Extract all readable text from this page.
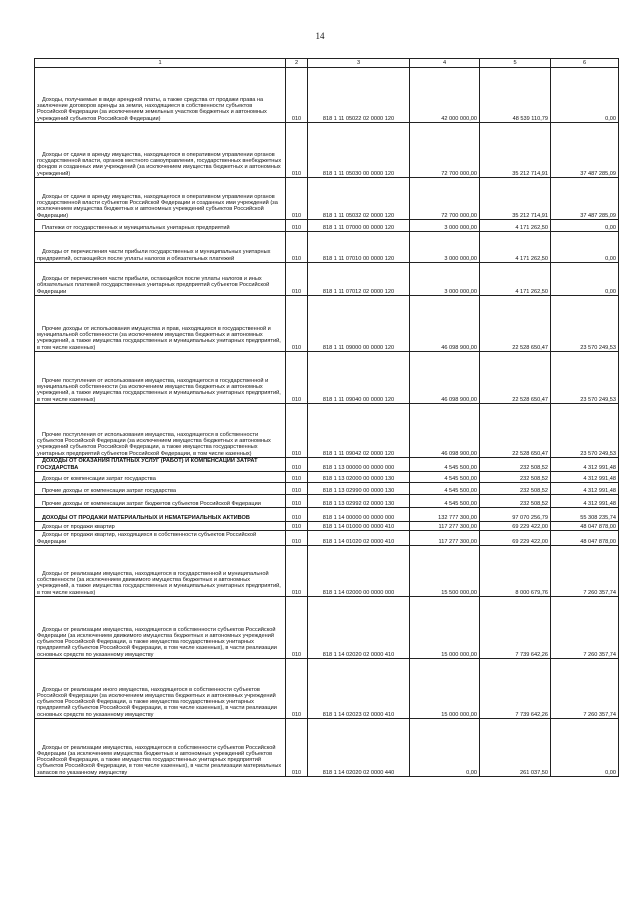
14
1	2	3	4	5	6

Доходы, получаемые в виде арендной платы, а также средства от продажи права на заключение договоров аренды за земли, находящиеся в собственности субъектов Российской Федерации (за исключением земельных участков бюджетных и автономных учреждений субъектов Российской Федерации)	010	818 1 11 05022 02 0000 120	42 000 000,00	48 539 110,79	0,00

Доходы от сдачи в аренду имущества, находящегося в оперативном управлении органов государственной власти, органов местного самоуправления, государственных внебюджетных фондов и созданных ими учреждений (за исключением имущества бюджетных и автономных учреждений)	010	818 1 11 05030 00 0000 120	72 700 000,00	35 212 714,91	37 487 285,09

Доходы от сдачи в аренду имущества, находящегося в оперативном управлении органов государственной власти субъектов Российской Федерации и созданных ими учреждений (за исключением имущества бюджетных и автономных учреждений субъектов Российской Федерации)	010	818 1 11 05032 02 0000 120	72 700 000,00	35 212 714,91	37 487 285,09

Платежи от государственных и муниципальных унитарных предприятий	010	818 1 11 07000 00 0000 120	3 000 000,00	4 171 262,50	0,00

Доходы от перечисления части прибыли государственных и муниципальных унитарных предприятий, остающейся после уплаты налогов и обязательных платежей	010	818 1 11 07010 00 0000 120	3 000 000,00	4 171 262,50	0,00

Доходы от перечисления части прибыли, остающейся после уплаты налогов и иных обязательных платежей государственных унитарных предприятий субъектов Российской Федерации	010	818 1 11 07012 02 0000 120	3 000 000,00	4 171 262,50	0,00

Прочие доходы от использования имущества и прав, находящихся в государственной и муниципальной собственности (за исключением имущества бюджетных и автономных учреждений, а также имущества государственных и муниципальных унитарных предприятий, в том числе казенных)	010	818 1 11 09000 00 0000 120	46 098 900,00	22 528 650,47	23 570 249,53

Прочие поступления от использования имущества, находящегося в государственной и муниципальной собственности (за исключением имущества бюджетных и автономных учреждений, а также имущества государственных и муниципальных унитарных предприятий, в том числе казенных)	010	818 1 11 09040 00 0000 120	46 098 900,00	22 528 650,47	23 570 249,53

Прочие поступления от использования имущества, находящегося в собственности субъектов Российской Федерации (за исключением имущества бюджетных и автономных учреждений субъектов Российской Федерации, а также имущества государственных унитарных предприятий субъектов Российской Федерации, в том числе казенных)	010	818 1 11 09042 02 0000 120	46 098 900,00	22 528 650,47	23 570 249,53

ДОХОДЫ ОТ ОКАЗАНИЯ ПЛАТНЫХ УСЛУГ (РАБОТ) И КОМПЕНСАЦИИ ЗАТРАТ ГОСУДАРСТВА	010	818 1 13 00000 00 0000 000	4 545 500,00	232 508,52	4 312 991,48

Доходы от компенсации затрат государства	010	818 1 13 02000 00 0000 130	4 545 500,00	232 508,52	4 312 991,48

Прочие доходы от компенсации затрат государства	010	818 1 13 02990 00 0000 130	4 545 500,00	232 508,52	4 312 991,48

Прочие доходы от компенсации затрат бюджетов субъектов Российской Федерации	010	818 1 13 02992 02 0000 130	4 545 500,00	232 508,52	4 312 991,48

ДОХОДЫ ОТ ПРОДАЖИ МАТЕРИАЛЬНЫХ И НЕМАТЕРИАЛЬНЫХ АКТИВОВ	010	818 1 14 00000 00 0000 000	132 777 300,00	97 070 256,79	55 308 235,74

Доходы от продажи квартир	010	818 1 14 01000 00 0000 410	117 277 300,00	69 229 422,00	48 047 878,00

Доходы от продажи квартир, находящихся в собственности субъектов Российской Федерации	010	818 1 14 01020 02 0000 410	117 277 300,00	69 229 422,00	48 047 878,00

Доходы от реализации имущества, находящегося в государственной и муниципальной собственности (за исключением движимого имущества бюджетных и автономных учреждений, а также имущества государственных и муниципальных унитарных предприятий, в том числе казенных)	010	818 1 14 02000 00 0000 000	15 500 000,00	8 000 679,76	7 260 357,74

Доходы от реализации имущества, находящегося в собственности субъектов Российской Федерации (за исключением движимого имущества бюджетных и автономных учреждений субъектов Российской Федерации, а также имущества государственных унитарных предприятий субъектов Российской Федерации, в том числе казенных), в части реализации основных средств по указанному имуществу	010	818 1 14 02020 02 0000 410	15 000 000,00	7 739 642,26	7 260 357,74

Доходы от реализации иного имущества, находящегося в собственности субъектов Российской Федерации (за исключением имущества бюджетных и автономных учреждений субъектов Российской Федерации, а также имущества государственных унитарных предприятий субъектов Российской Федерации, в том числе казенных), в части реализации основных средств по указанному имуществу	010	818 1 14 02023 02 0000 410	15 000 000,00	7 739 642,26	7 260 357,74

Доходы от реализации имущества, находящегося в собственности субъектов Российской Федерации (за исключением имущества бюджетных и автономных учреждений субъектов Российской Федерации, а также имущества государственных унитарных предприятий субъектов Российской Федерации, в том числе казенных), в части реализации материальных запасов по указанному имуществу	010	818 1 14 02020 02 0000 440	0,00	261 037,50	0,00
